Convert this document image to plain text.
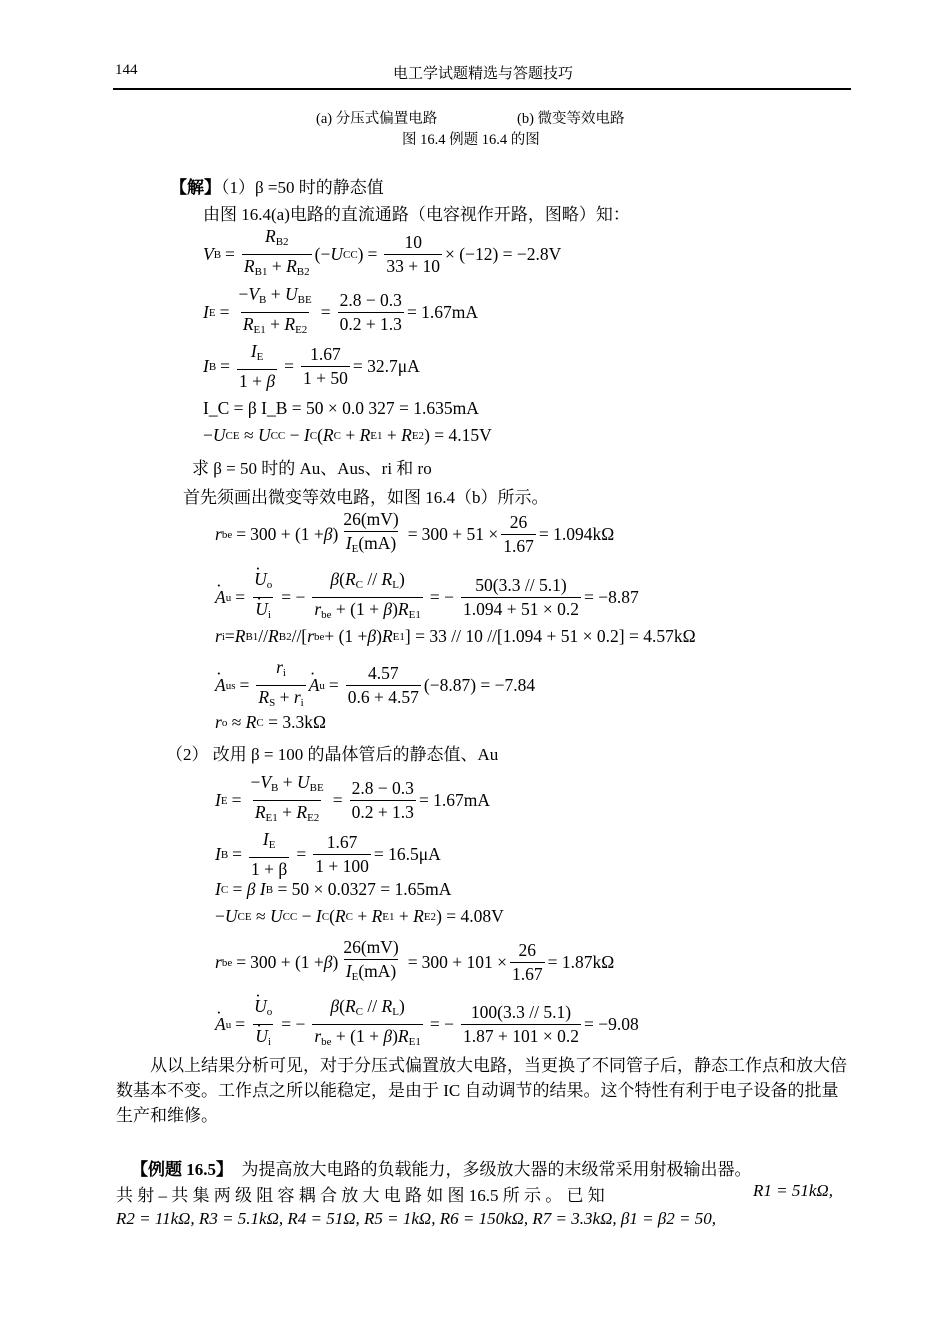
144	电工学试题精选与答题技巧
(a) 分压式偏置电路	(b) 微变等效电路
图 16.4 例题 16.4 的图
【解】（1）β =50 时的静态值
由图 16.4(a)电路的直流通路（电容视作开路，图略）知：
V $B = \frac{R_{B2}}{R_{B1} + R_{B2}}$ (− U CC ) = $\frac{10}{33 + 10} \times (-12) = -2.8V$
I E =
$-V_B + U_{BE}$
$R_{E1} + R_{E2}$
= $\frac{2.8 - 0.3}{0.2 + 1.3} = 1.67mA$
I $B = \frac{I_E}{1 + \beta} = \frac{1.67}{1 + 50} = 32.7\mu A$
I_C = β I_B = 50 × 0.0 327 = 1.635mA
− U CE ≈ U CC − I C ( R C + R E1 + R E2 ) = 4.15V
求 β = 50 时的 Au、Aus、ri 和 ro
首先须画出微变等效电路，如图 16.4（b）所示。
r be = 300 + (1 + β ) $\frac{26(mV)}{I_E(mA)} = 300 + 51 \times \frac{26}{1.67} = 1.094k\Omega$
· A u =
· $U_o$
· $U_i$ = −
$\beta(R_C // R_L)$
$r_{be} + (1 + \beta)R_{E1}$
= − $\frac{50(3.3 // 5.1)}{1.094 + 51 \times 0.2} = -8.87$
r i = R B1 // R B2 //[ r be + (1 + β ) R E1 ] = 33 // 10 //[1.094 + 51 × 0.2] = 4.57kΩ
· A us = $\frac{r_i}{R_S + r_i}$
· A $u = \frac{4.57}{0.6 + 4.57} (-8.87) = -7.84$
r o ≈ R C
= 3.3kΩ
（2） 改用 β = 100 的晶体管后的静态值、Au
I E =
$-V_B + U_{BE}$
$R_{E1} + R_{E2}$
= $\frac{2.8 - 0.3}{0.2 + 1.3} = 1.67mA$
I $B = \frac{I_E}{1 + \beta} = \frac{1.67}{1 + 100} = 16.5\mu A$
I C = β I B
= 50 × 0.0327 = 1.65mA
− U CE ≈ U CC − I C ( R C + R E1 + R E2 ) = 4.08V
r be = 300 + (1 + β ) $\frac{26(mV)}{I_E(mA)} = 300 + 101 \times \frac{26}{1.67} = 1.87k\Omega$
· A u =
· $U_o$
· $U_i$ = −
$\beta(R_C // R_L)$
$r_{be} + (1 + \beta)R_{E1}$
= − $\frac{100(3.3 // 5.1)}{1.87 + 101 \times 0.2} = -9.08$
从以上结果分析可见，对于分压式偏置放大电路，当更换了不同管子后，静态工作点和放大倍数基本不变。工作点之所以能稳定，是由于 IC 自动调节的结果。这个特性有利于电子设备的批量生产和维修。
【例题 16.5】 为提高放大电路的负载能力，多级放大器的末级常采用射极输出器。
共 射 – 共 集 两 级 阻 容 耦 合 放 大 电 路 如 图 16.5 所 示 。 已 知	R1 = 51kΩ,
R2 = 11kΩ, R3 = 5.1kΩ, R4 = 51Ω, R5 = 1kΩ, R6 = 150kΩ, R7 = 3.3kΩ, β1 = β2 = 50,
